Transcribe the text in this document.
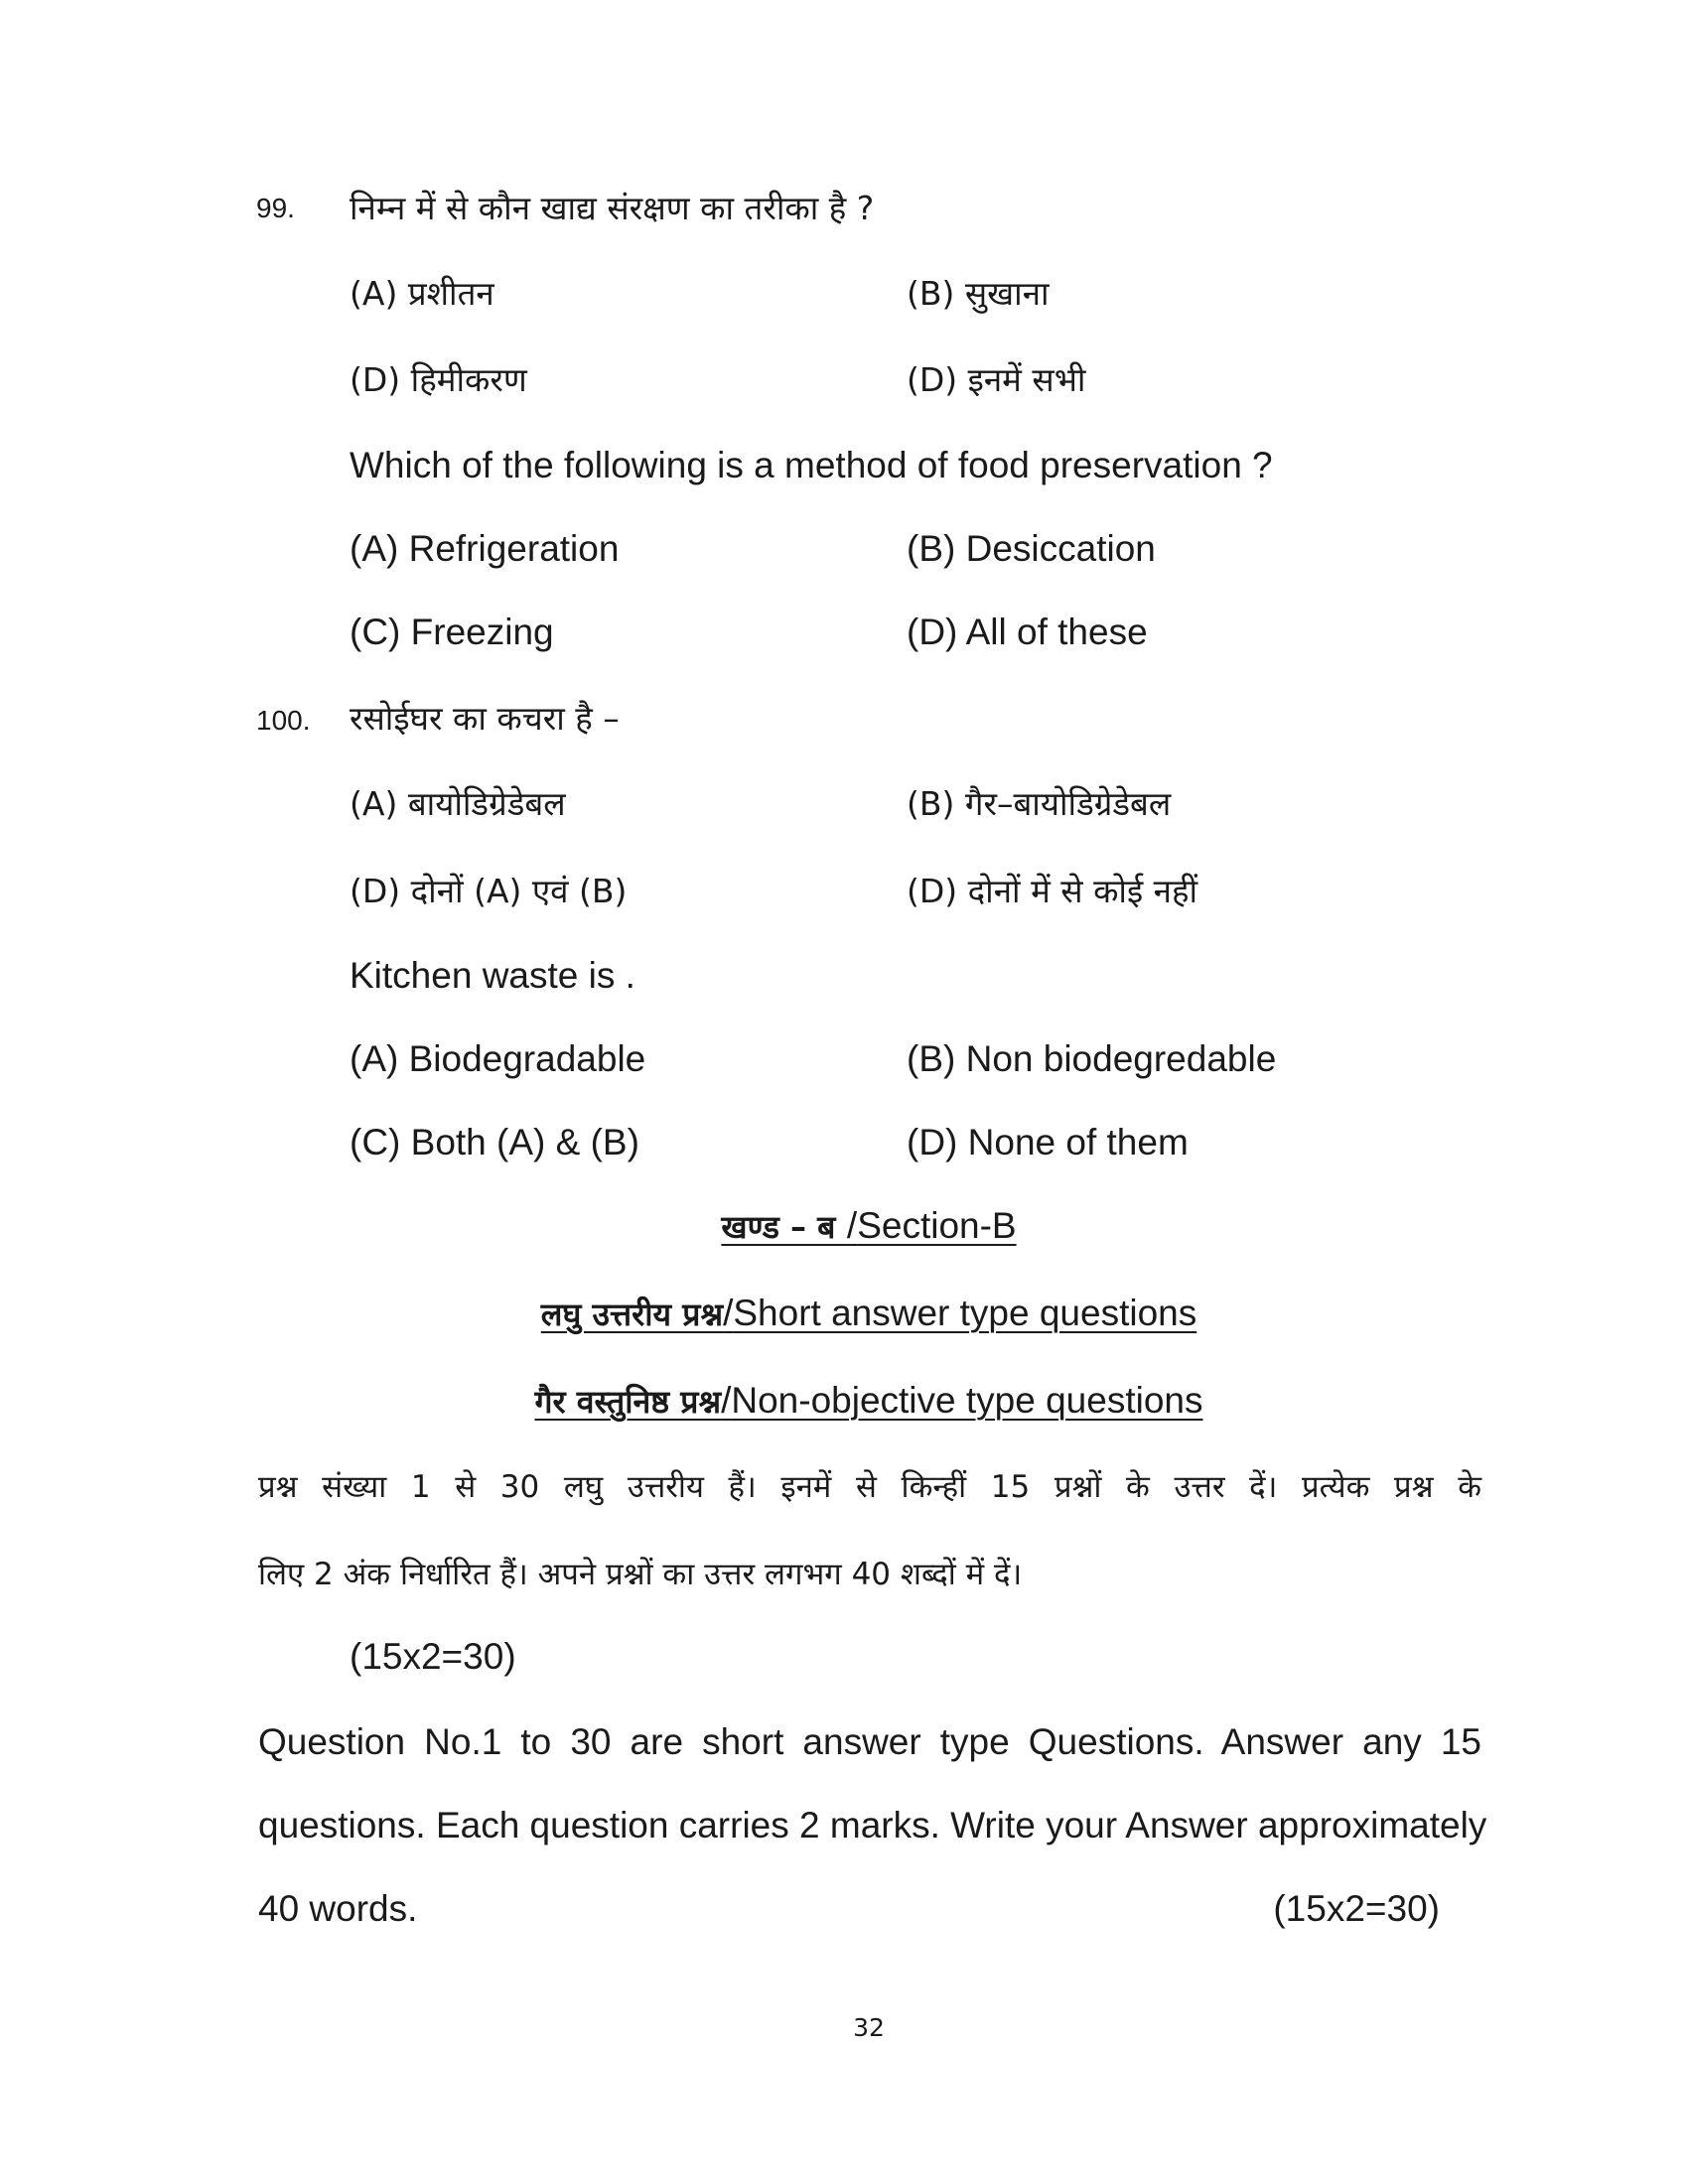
99. निम्न में से कौन खाद्य संरक्षण का तरीका है ?
(A) प्रशीतन	(B) सुखाना
(D) हिमीकरण	(D) इनमें सभी
Which of the following is a method of food preservation ?
(A) Refrigeration	(B) Desiccation
(C) Freezing	(D) All of these
100. रसोईघर का कचरा है –
(A) बायोडिग्रेडेबल	(B) गैर–बायोडिग्रेडेबल
(D) दोनों (A) एवं (B)	(D) दोनों में से कोई नहीं
Kitchen waste is .
(A) Biodegradable	(B) Non biodegredable
(C) Both (A) & (B)	(D) None of them
खण्ड – ब /Section-B
लघु उत्तरीय प्रश्न/Short answer type questions
गैर वस्तुनिष्ठ प्रश्न/Non-objective type questions
प्रश्न संख्या 1 से 30 लघु उत्तरीय हैं। इनमें से किन्हीं 15 प्रश्नों के उत्तर दें। प्रत्येक प्रश्न के
लिए 2 अंक निर्धारित हैं। अपने प्रश्नों का उत्तर लगभग 40 शब्दों में दें।
(15x2=30)
Question No.1 to 30 are short answer type Questions. Answer any 15
questions. Each question carries 2 marks. Write your Answer approximately
40 words.	(15x2=30)
32
